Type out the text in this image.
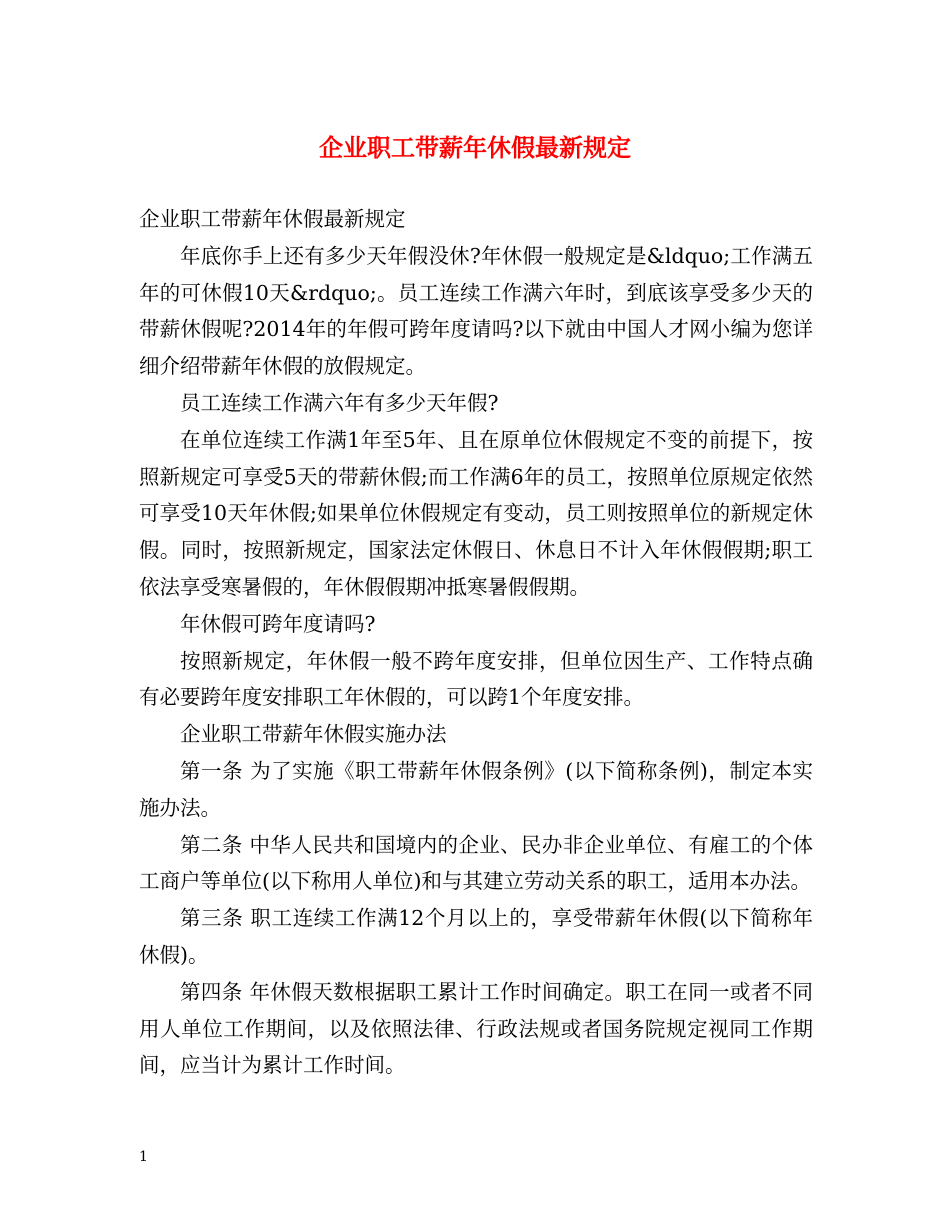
企业职工带薪年休假最新规定

企业职工带薪年休假最新规定

年底你手上还有多少天年假没休?年休假一般规定是&ldquo;工作满五年的可休假10天&rdquo;。员工连续工作满六年时，到底该享受多少天的带薪休假呢?2014年的年假可跨年度请吗?以下就由中国人才网小编为您详细介绍带薪年休假的放假规定。

员工连续工作满六年有多少天年假?

在单位连续工作满1年至5年、且在原单位休假规定不变的前提下，按照新规定可享受5天的带薪休假;而工作满6年的员工，按照单位原规定依然可享受10天年休假;如果单位休假规定有变动，员工则按照单位的新规定休假。同时，按照新规定，国家法定休假日、休息日不计入年休假假期;职工依法享受寒暑假的，年休假假期冲抵寒暑假假期。

年休假可跨年度请吗?

按照新规定，年休假一般不跨年度安排，但单位因生产、工作特点确有必要跨年度安排职工年休假的，可以跨1个年度安排。

企业职工带薪年休假实施办法

第一条 为了实施《职工带薪年休假条例》(以下简称条例)，制定本实施办法。

第二条 中华人民共和国境内的企业、民办非企业单位、有雇工的个体工商户等单位(以下称用人单位)和与其建立劳动关系的职工，适用本办法。

第三条 职工连续工作满12个月以上的，享受带薪年休假(以下简称年休假)。

第四条 年休假天数根据职工累计工作时间确定。职工在同一或者不同用人单位工作期间，以及依照法律、行政法规或者国务院规定视同工作期间，应当计为累计工作时间。

1
